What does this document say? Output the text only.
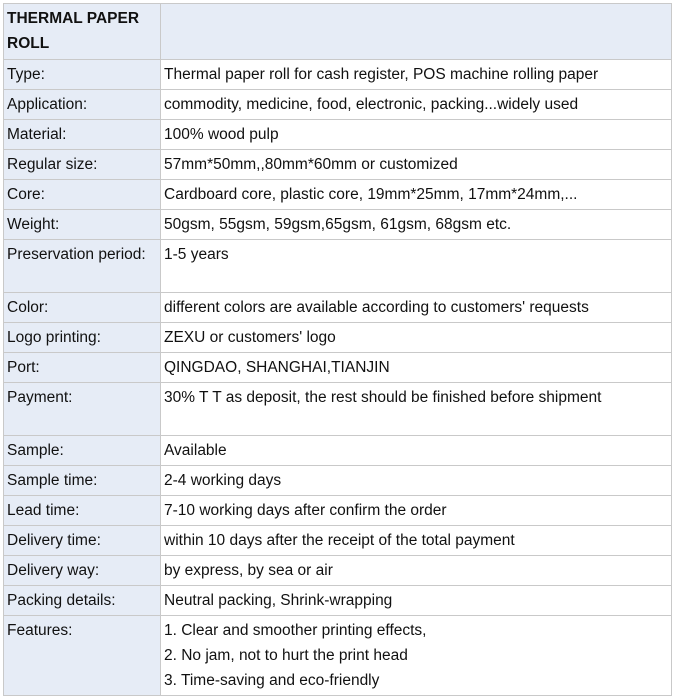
THERMAL PAPER ROLL	
Type:	Thermal paper roll for cash register, POS machine rolling paper
Application:	commodity, medicine, food, electronic, packing...widely used
Material:	100% wood pulp
Regular size:	57mm*50mm,,80mm*60mm or customized
Core:	Cardboard core, plastic core, 19mm*25mm, 17mm*24mm,...
Weight:	50gsm, 55gsm, 59gsm,65gsm, 61gsm, 68gsm etc.
Preservation period:	1-5 years
Color:	different colors are available according to customers' requests
Logo printing:	ZEXU or customers' logo
Port:	QINGDAO, SHANGHAI,TIANJIN
Payment:	30% T T as deposit, the rest should be finished before shipment
Sample:	Available
Sample time:	2-4 working days
Lead time:	7-10 working days after confirm the order
Delivery time:	within 10 days after the receipt of the total payment
Delivery way:	by express, by sea or air
Packing details:	Neutral packing, Shrink-wrapping
Features:	1. Clear and smoother printing effects,
2. No jam, not to hurt the print head
3. Time-saving and eco-friendly
